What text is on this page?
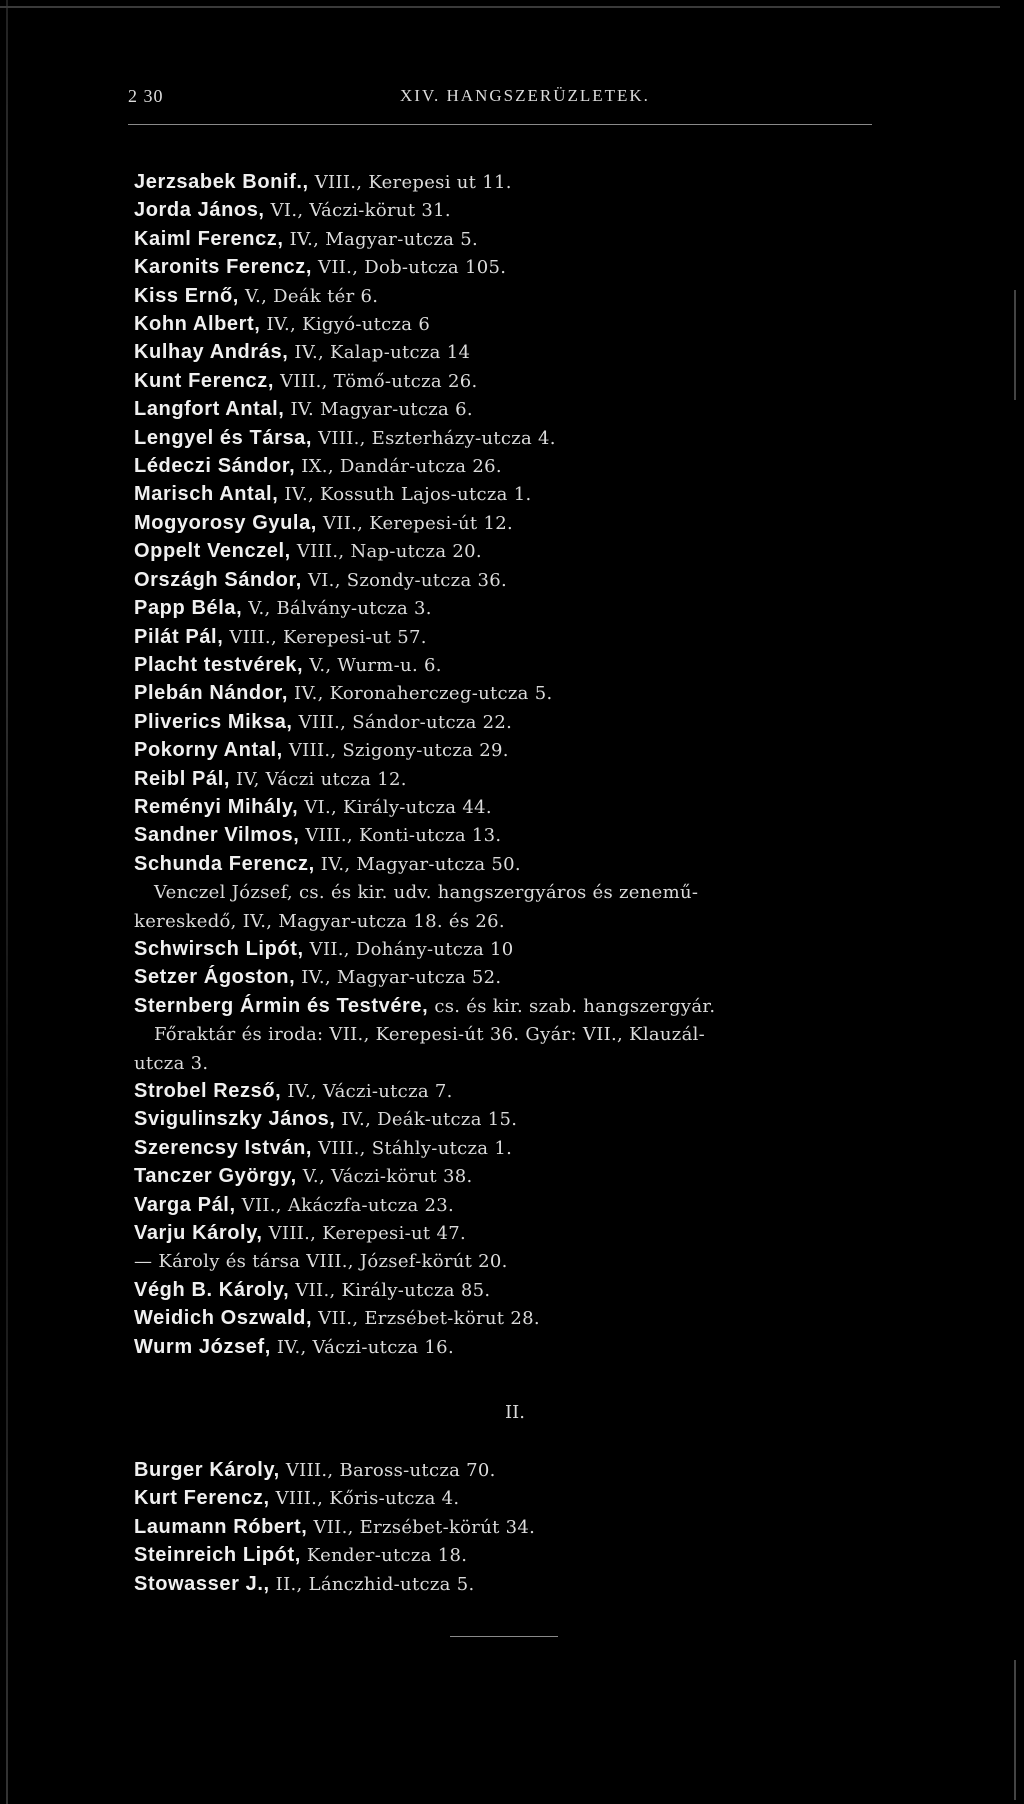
2 30	XIV. HANGSZERÜZLETEK.
Jerzsabek Bonif., VIII., Kerepesi ut 11.
Jorda János, VI., Váczi-körut 31.
Kaiml Ferencz, IV., Magyar-utcza 5.
Karonits Ferencz, VII., Dob-utcza 105.
Kiss Ernő, V., Deák tér 6.
Kohn Albert, IV., Kigyó-utcza 6
Kulhay András, IV., Kalap-utcza 14
Kunt Ferencz, VIII., Tömő-utcza 26.
Langfort Antal, IV. Magyar-utcza 6.
Lengyel és Társa, VIII., Eszterházy-utcza 4.
Lédeczi Sándor, IX., Dandár-utcza 26.
Marisch Antal, IV., Kossuth Lajos-utcza 1.
Mogyorosy Gyula, VII., Kerepesi-út 12.
Oppelt Venczel, VIII., Nap-utcza 20.
Országh Sándor, VI., Szondy-utcza 36.
Papp Béla, V., Bálvány-utcza 3.
Pilát Pál, VIII., Kerepesi-ut 57.
Placht testvérek, V., Wurm-u. 6.
Plebán Nándor, IV., Koronaherczeg-utcza 5.
Pliverics Miksa, VIII., Sándor-utcza 22.
Pokorny Antal, VIII., Szigony-utcza 29.
Reibl Pál, IV, Váczi utcza 12.
Reményi Mihály, VI., Király-utcza 44.
Sandner Vilmos, VIII., Konti-utcza 13.
Schunda Ferencz, IV., Magyar-utcza 50.
Venczel József, cs. és kir. udv. hangszergyáros és zenemű-
kereskedő, IV., Magyar-utcza 18. és 26.
Schwirsch Lipót, VII., Dohány-utcza 10
Setzer Ágoston, IV., Magyar-utcza 52.
Sternberg Ármin és Testvére, cs. és kir. szab. hangszergyár.
Főraktár és iroda: VII., Kerepesi-út 36. Gyár: VII., Klauzál-
utcza 3.
Strobel Rezső, IV., Váczi-utcza 7.
Svigulinszky János, IV., Deák-utcza 15.
Szerencsy István, VIII., Stáhly-utcza 1.
Tanczer György, V., Váczi-körut 38.
Varga Pál, VII., Akáczfa-utcza 23.
Varju Károly, VIII., Kerepesi-ut 47.
— Károly és társa VIII., József-körút 20.
Végh B. Károly, VII., Király-utcza 85.
Weidich Oszwald, VII., Erzsébet-körut 28.
Wurm József, IV., Váczi-utcza 16.
II.
Burger Károly, VIII., Baross-utcza 70.
Kurt Ferencz, VIII., Kőris-utcza 4.
Laumann Róbert, VII., Erzsébet-körút 34.
Steinreich Lipót, Kender-utcza 18.
Stowasser J., II., Lánczhid-utcza 5.
